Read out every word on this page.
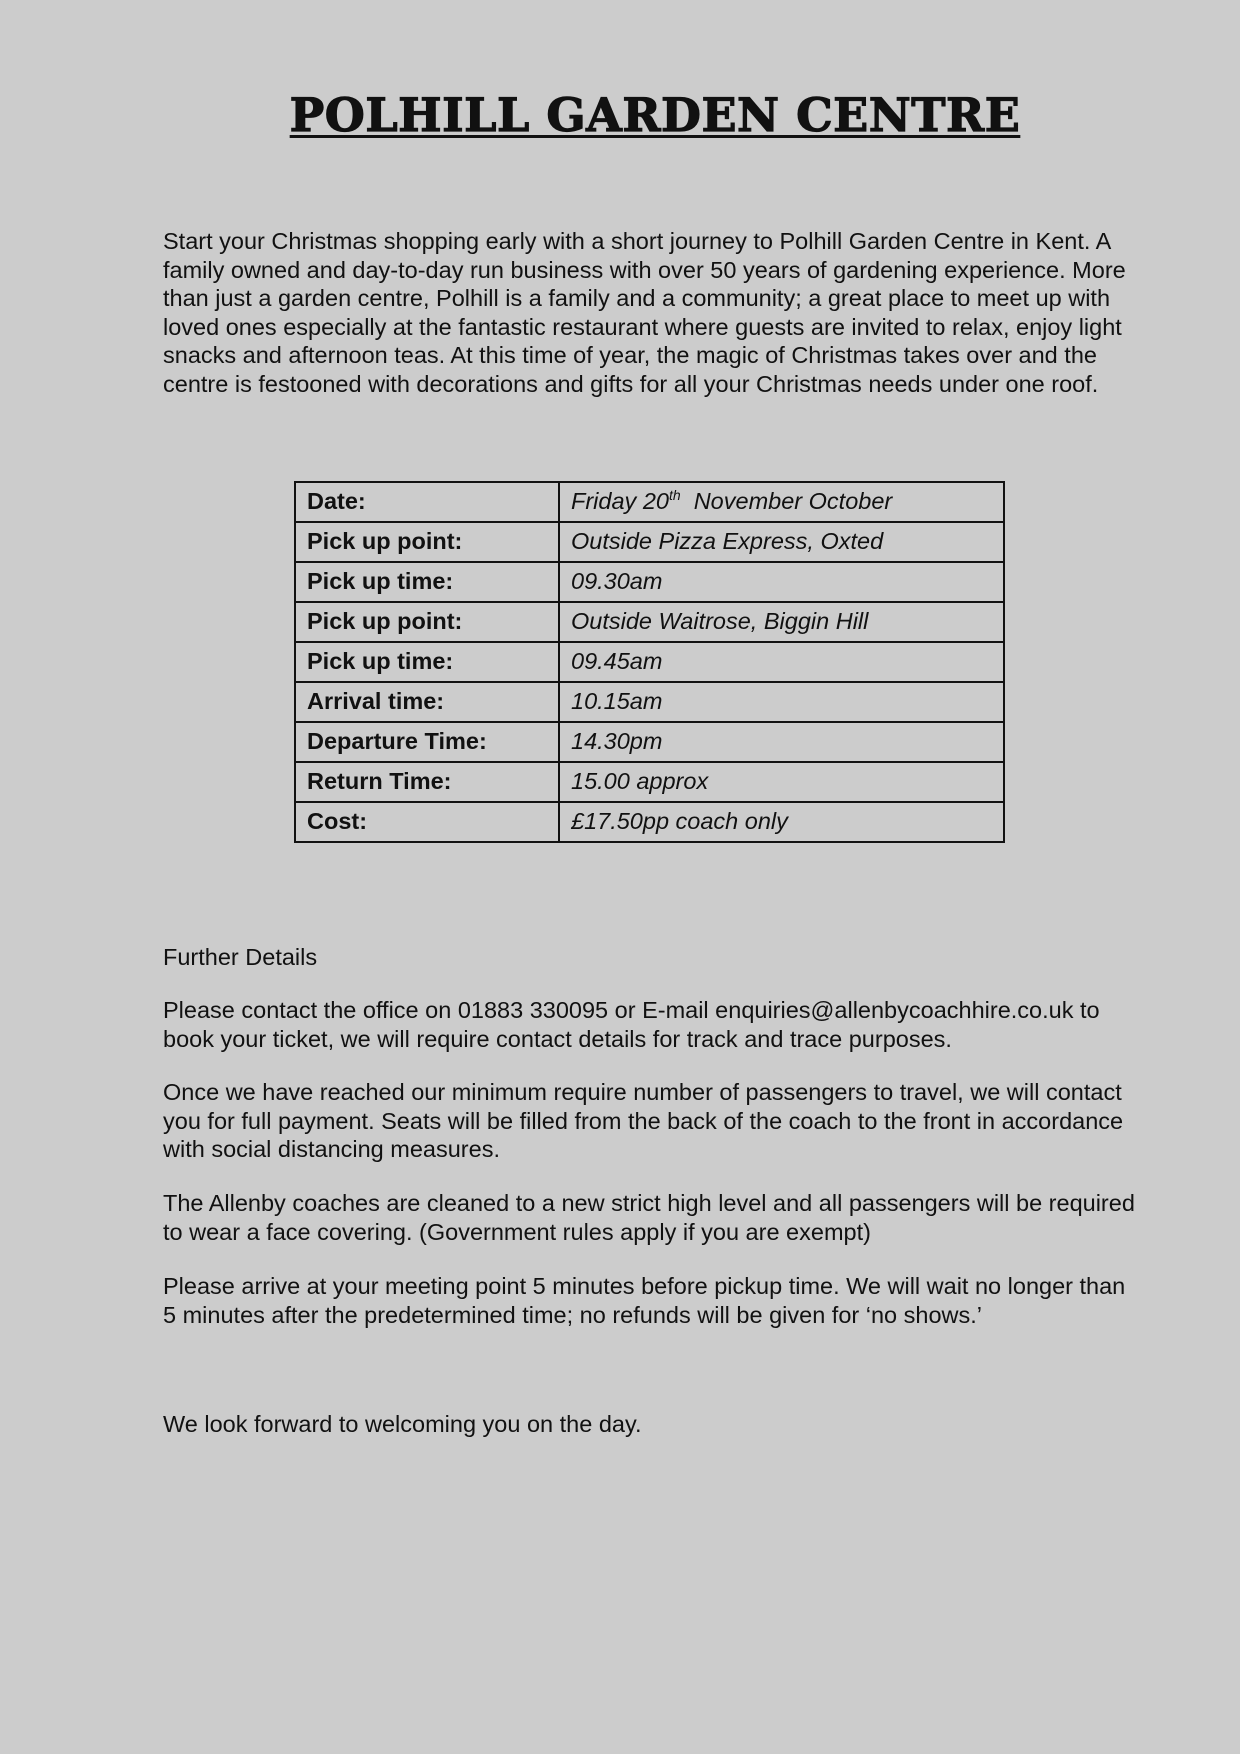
POLHILL GARDEN CENTRE
Start your Christmas shopping early with a short journey to Polhill Garden Centre in Kent. A family owned and day-to-day run business with over 50 years of gardening experience. More than just a garden centre, Polhill is a family and a community; a great place to meet up with loved ones especially at the fantastic restaurant where guests are invited to relax, enjoy light snacks and afternoon teas. At this time of year, the magic of Christmas takes over and the centre is festooned with decorations and gifts for all your Christmas needs under one roof.
Date:	Friday 20th  November October
Pick up point:	Outside Pizza Express, Oxted
Pick up time:	09.30am
Pick up point:	Outside Waitrose, Biggin Hill
Pick up time:	09.45am
Arrival time:	10.15am
Departure Time:	14.30pm
Return Time:	15.00 approx
Cost:	£17.50pp coach only
Further Details
Please contact the office on 01883 330095 or E-mail enquiries@allenbycoachhire.co.uk to book your ticket, we will require contact details for track and trace purposes.
Once we have reached our minimum require number of passengers to travel, we will contact you for full payment. Seats will be filled from the back of the coach to the front in accordance with social distancing measures.
The Allenby coaches are cleaned to a new strict high level and all passengers will be required to wear a face covering. (Government rules apply if you are exempt)
Please arrive at your meeting point 5 minutes before pickup time. We will wait no longer than 5 minutes after the predetermined time; no refunds will be given for ‘no shows.’
We look forward to welcoming you on the day.
